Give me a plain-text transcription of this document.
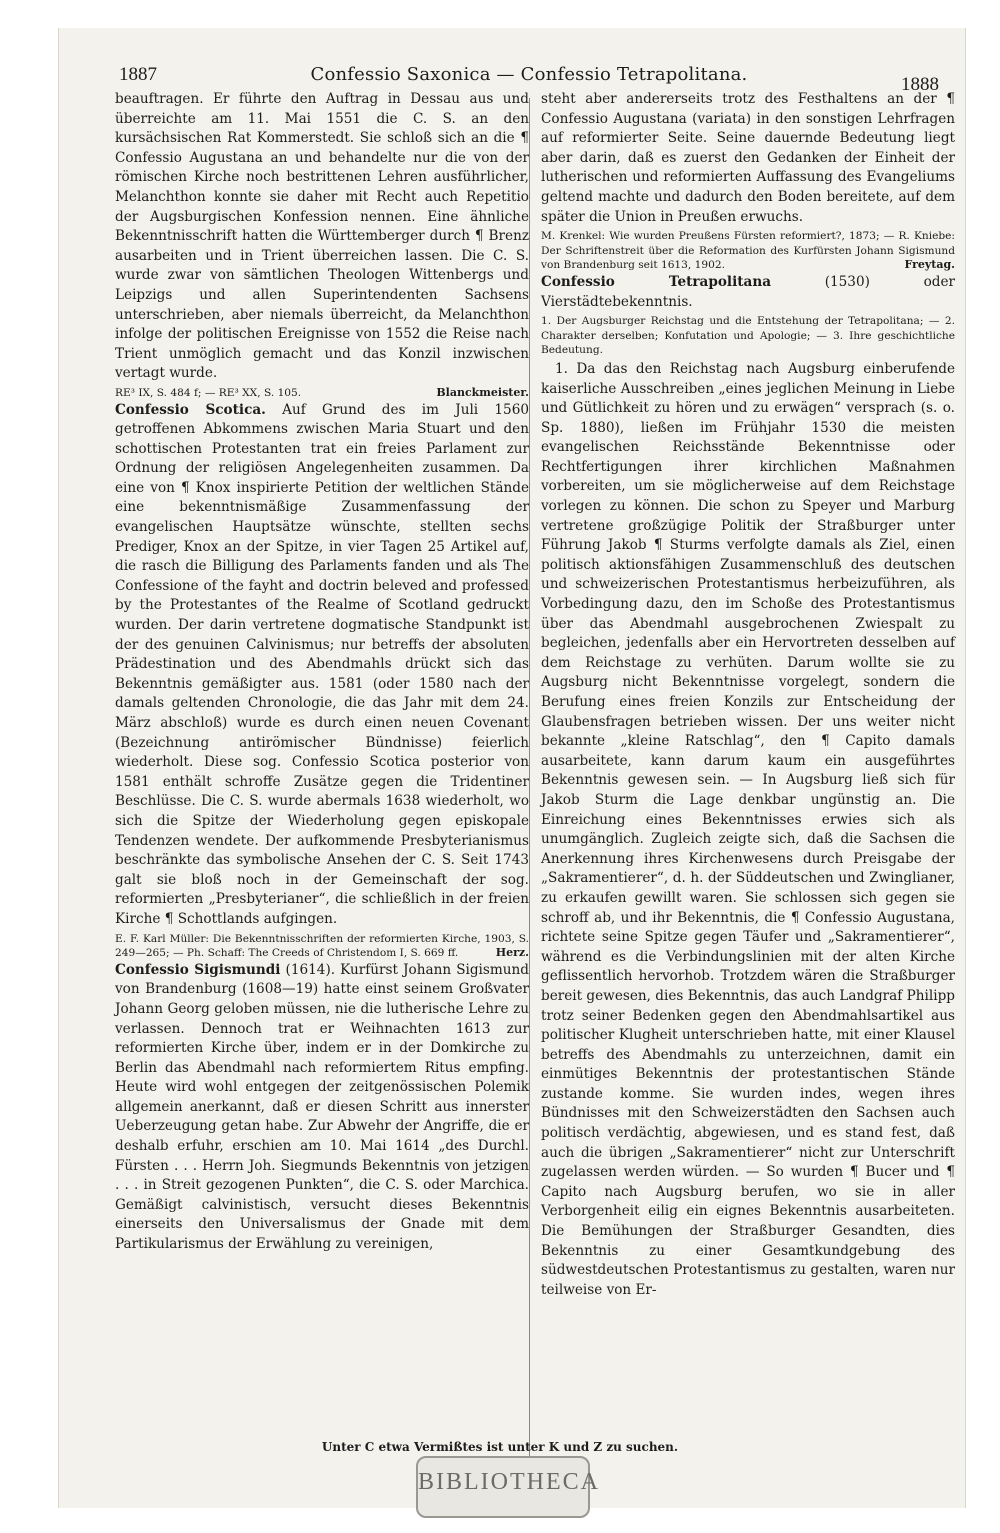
1887	Confessio Saxonica — Confessio Tetrapolitana.	1888

beauftragen. Er führte den Auftrag in Dessau aus und überreichte am 11. Mai 1551 die C. S. an den kursächsischen Rat Kommerstedt. Sie schloß sich an die ¶ Confessio Augustana an und behandelte nur die von der römischen Kirche noch bestrittenen Lehren ausführlicher, Melanchthon konnte sie daher mit Recht auch Repetitio der Augsburgischen Konfession nennen. Eine ähnliche Bekenntnisschrift hatten die Württemberger durch ¶ Brenz ausarbeiten und in Trient überreichen lassen. Die C. S. wurde zwar von sämtlichen Theologen Wittenbergs und Leipzigs und allen Superintendenten Sachsens unterschrieben, aber niemals überreicht, da Melanchthon infolge der politischen Ereignisse von 1552 die Reise nach Trient unmöglich gemacht und das Konzil inzwischen vertagt wurde.

Blanckmeister.
RE³ IX, S. 484 f; — RE³ XX, S. 105.

Confessio Scotica. Auf Grund des im Juli 1560 getroffenen Abkommens zwischen Maria Stuart und den schottischen Protestanten trat ein freies Parlament zur Ordnung der religiösen Angelegenheiten zusammen. Da eine von ¶ Knox inspirierte Petition der weltlichen Stände eine bekenntnismäßige Zusammenfassung der evangelischen Hauptsätze wünschte, stellten sechs Prediger, Knox an der Spitze, in vier Tagen 25 Artikel auf, die rasch die Billigung des Parlaments fanden und als The Confessione of the fayht and doctrin beleved and professed by the Protestantes of the Realme of Scotland gedruckt wurden. Der darin vertretene dogmatische Standpunkt ist der des genuinen Calvinismus; nur betreffs der absoluten Prädestination und des Abendmahls drückt sich das Bekenntnis gemäßigter aus. 1581 (oder 1580 nach der damals geltenden Chronologie, die das Jahr mit dem 24. März abschloß) wurde es durch einen neuen Covenant (Bezeichnung antirömischer Bündnisse) feierlich wiederholt. Diese sog. Confessio Scotica posterior von 1581 enthält schroffe Zusätze gegen die Tridentiner Beschlüsse. Die C. S. wurde abermals 1638 wiederholt, wo sich die Spitze der Wiederholung gegen episkopale Tendenzen wendete. Der aufkommende Presbyterianismus beschränkte das symbolische Ansehen der C. S. Seit 1743 galt sie bloß noch in der Gemeinschaft der sog. reformierten „Presbyterianer“, die schließlich in der freien Kirche ¶ Schottlands aufgingen.

E. F. Karl Müller: Die Bekenntnisschriften der reformierten Kirche, 1903, S. 249—265; — Ph. Schaff: The Creeds of Christendom I, S. 669 ff.	Herz.

Confessio Sigismundi (1614). Kurfürst Johann Sigismund von Brandenburg (1608—19) hatte einst seinem Großvater Johann Georg geloben müssen, nie die lutherische Lehre zu verlassen. Dennoch trat er Weihnachten 1613 zur reformierten Kirche über, indem er in der Domkirche zu Berlin das Abendmahl nach reformiertem Ritus empfing. Heute wird wohl entgegen der zeitgenössischen Polemik allgemein anerkannt, daß er diesen Schritt aus innerster Ueberzeugung getan habe. Zur Abwehr der Angriffe, die er deshalb erfuhr, erschien am 10. Mai 1614 „des Durchl. Fürsten . . . Herrn Joh. Siegmunds Bekenntnis von jetzigen . . . in Streit gezogenen Punkten“, die C. S. oder Marchica. Gemäßigt calvinistisch, versucht dieses Bekenntnis einerseits den Universalismus der Gnade mit dem Partikularismus der Erwählung zu vereinigen,

steht aber andererseits trotz des Festhaltens an der ¶ Confessio Augustana (variata) in den sonstigen Lehrfragen auf reformierter Seite. Seine dauernde Bedeutung liegt aber darin, daß es zuerst den Gedanken der Einheit der lutherischen und reformierten Auffassung des Evangeliums geltend machte und dadurch den Boden bereitete, auf dem später die Union in Preußen erwuchs.

M. Krenkel: Wie wurden Preußens Fürsten reformiert?, 1873; — R. Kniebe: Der Schriftenstreit über die Reformation des Kurfürsten Johann Sigismund von Brandenburg seit 1613, 1902.	Freytag.

Confessio Tetrapolitana	(1530) oder Vierstädtebekenntnis.

1. Der Augsburger Reichstag und die Entstehung der Tetrapolitana; — 2. Charakter derselben; Konfutation und Apologie; — 3. Ihre geschichtliche Bedeutung.

1. Da das den Reichstag nach Augsburg einberufende kaiserliche Ausschreiben „eines jeglichen Meinung in Liebe und Gütlichkeit zu hören und zu erwägen“ versprach (s. o. Sp. 1880), ließen im Frühjahr 1530 die meisten evangelischen Reichsstände Bekenntnisse oder Rechtfertigungen ihrer kirchlichen Maßnahmen vorbereiten, um sie möglicherweise auf dem Reichstage vorlegen zu können. Die schon zu Speyer und Marburg vertretene großzügige Politik der Straßburger unter Führung Jakob ¶ Sturms verfolgte damals als Ziel, einen politisch aktionsfähigen Zusammenschluß des deutschen und schweizerischen Protestantismus herbeizuführen, als Vorbedingung dazu, den im Schoße des Protestantismus über das Abendmahl ausgebrochenen Zwiespalt zu begleichen, jedenfalls aber ein Hervortreten desselben auf dem Reichstage zu verhüten. Darum wollte sie zu Augsburg nicht Bekenntnisse vorgelegt, sondern die Berufung eines freien Konzils zur Entscheidung der Glaubensfragen betrieben wissen. Der uns weiter nicht bekannte „kleine Ratschlag“, den ¶ Capito damals ausarbeitete, kann darum kaum ein ausgeführtes Bekenntnis gewesen sein. — In Augsburg ließ sich für Jakob Sturm die Lage denkbar ungünstig an. Die Einreichung eines Bekenntnisses erwies sich als unumgänglich. Zugleich zeigte sich, daß die Sachsen die Anerkennung ihres Kirchenwesens durch Preisgabe der „Sakramentierer“, d. h. der Süddeutschen und Zwinglianer, zu erkaufen gewillt waren. Sie schlossen sich gegen sie schroff ab, und ihr Bekenntnis, die ¶ Confessio Augustana, richtete seine Spitze gegen Täufer und „Sakramentierer“, während es die Verbindungslinien mit der alten Kirche geflissentlich hervorhob. Trotzdem wären die Straßburger bereit gewesen, dies Bekenntnis, das auch Landgraf Philipp trotz seiner Bedenken gegen den Abendmahlsartikel aus politischer Klugheit unterschrieben hatte, mit einer Klausel betreffs des Abendmahls zu unterzeichnen, damit ein einmütiges Bekenntnis der protestantischen Stände zustande komme. Sie wurden indes, wegen ihres Bündnisses mit den Schweizerstädten den Sachsen auch politisch verdächtig, abgewiesen, und es stand fest, daß auch die übrigen „Sakramentierer“ nicht zur Unterschrift zugelassen werden würden. — So wurden ¶ Bucer und ¶ Capito nach Augsburg berufen, wo sie in aller Verborgenheit eilig ein eignes Bekenntnis ausarbeiteten. Die Bemühungen der Straßburger Gesandten, dies Bekenntnis zu einer Gesamtkundgebung des südwestdeutschen Protestantismus zu gestalten, waren nur teilweise von Er-

Unter C etwa Vermißtes ist unter K und Z zu suchen.
BIBLIOTHECA
